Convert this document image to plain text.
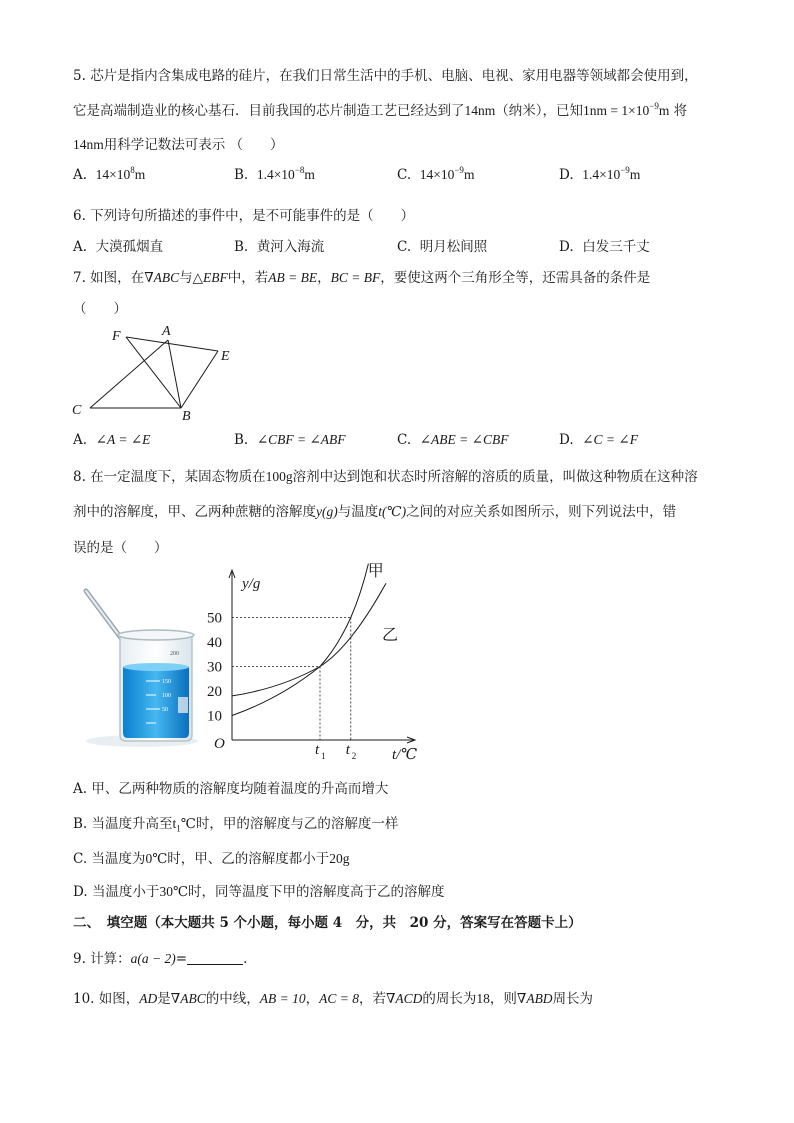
5. 芯片是指内含集成电路的硅片，在我们日常生活中的手机、电脑、电视、家用电器等领域都会使用到，
它是高端制造业的核心基石．目前我国的芯片制造工艺已经达到了14nm（纳米），已知$1nm = 1\times 10^{-9}m$ 将
14nm用科学记数法可表示 （　　）
A. $14\times 10^8m$	B. $1.4\times 10^{-8}m$	C. $14\times 10^{-9}m$	D. $1.4\times 10^{-9}m$
6. 下列诗句所描述的事件中，是不可能事件的是（　　）
A. 大漠孤烟直	B. 黄河入海流	C. 明月松间照	D. 白发三千丈
7. 如图，在∇ABC与△EBF中，若AB = BE，BC = BF，要使这两个三角形全等，还需具备的条件是
（　　）
F	A
E
C	B
A. ∠A = ∠E	B. ∠CBF = ∠ABF	C. ∠ABE = ∠CBF	D. ∠C = ∠F
8. 在一定温度下，某固态物质在100g溶剂中达到饱和状态时所溶解的溶质的质量，叫做这种物质在这种溶
剂中的溶解度，甲、乙两种蔗糖的溶解度y(g)与温度t(℃)之间的对应关系如图所示，则下列说法中，错
误的是（　　）
200
150
100
50
y/g
t/℃
O
10
20
30
40
50
甲
乙
t 1 t 2
A. 甲、乙两种物质的溶解度均随着温度的升高而增大
B. 当温度升高至$t_1℃$时，甲的溶解度与乙的溶解度一样
C. 当温度为0℃时，甲、乙的溶解度都小于20g
D. 当温度小于30℃时，同等温度下甲的溶解度高于乙的溶解度
二、　填空题（本大题共 5 个小题，每小题 4　分，共　20 分，答案写在答题卡上）
9. 计算：a(a − 2)=	.
10. 如图，AD是∇ABC的中线，AB = 10，AC = 8，若∇ACD的周长为18，则∇ABD周长为
